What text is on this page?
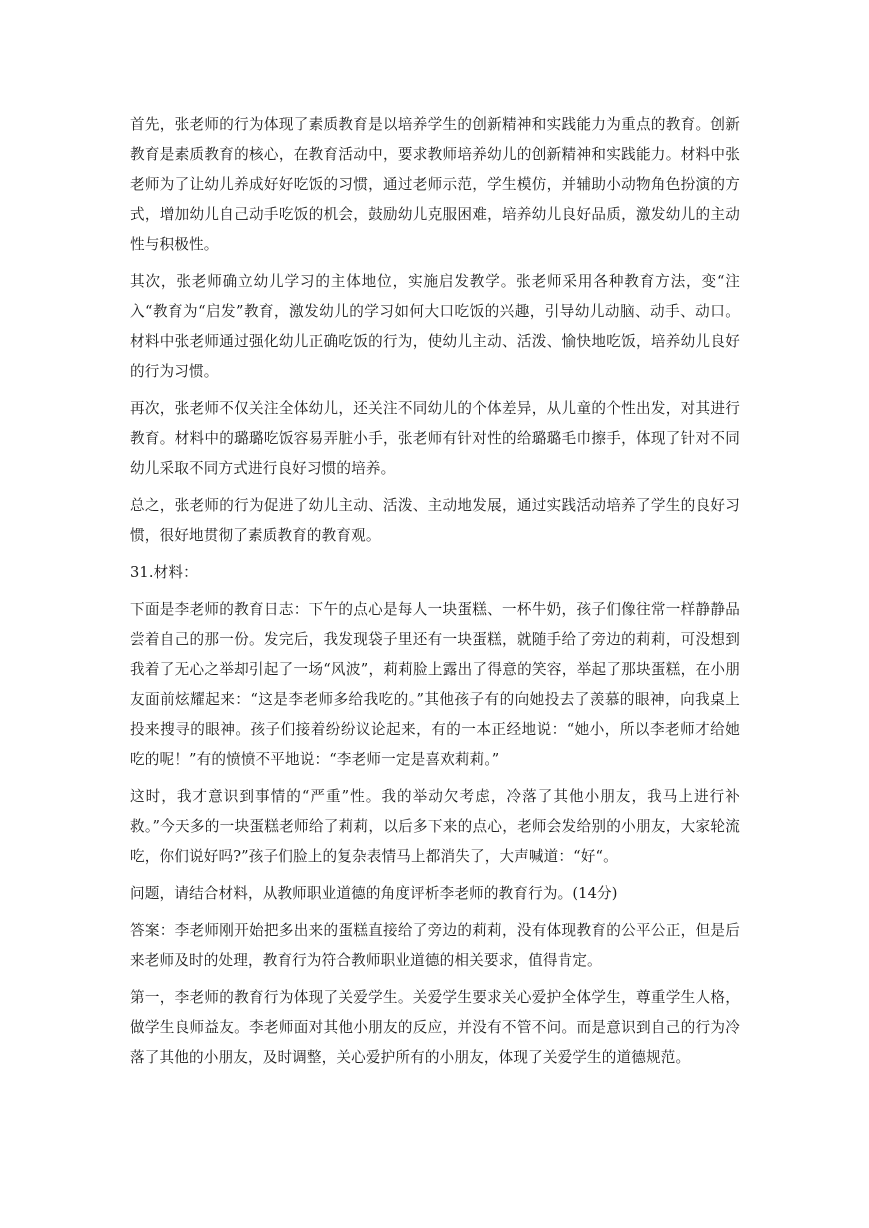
首先，张老师的行为体现了素质教育是以培养学生的创新精神和实践能力为重点的教育。创新教育是素质教育的核心，在教育活动中，要求教师培养幼儿的创新精神和实践能力。材料中张老师为了让幼儿养成好好吃饭的习惯，通过老师示范，学生模仿，并辅助小动物角色扮演的方式，增加幼儿自己动手吃饭的机会，鼓励幼儿克服困难，培养幼儿良好品质，激发幼儿的主动性与积极性。

其次，张老师确立幼儿学习的主体地位，实施启发教学。张老师采用各种教育方法，变“注入“教育为“启发”教育，激发幼儿的学习如何大口吃饭的兴趣，引导幼儿动脑、动手、动口。材料中张老师通过强化幼儿正确吃饭的行为，使幼儿主动、活泼、愉快地吃饭，培养幼儿良好的行为习惯。

再次，张老师不仅关注全体幼儿，还关注不同幼儿的个体差异，从儿童的个性出发，对其进行教育。材料中的璐璐吃饭容易弄脏小手，张老师有针对性的给璐璐毛巾擦手，体现了针对不同幼儿采取不同方式进行良好习惯的培养。

总之，张老师的行为促进了幼儿主动、活泼、主动地发展，通过实践活动培养了学生的良好习惯，很好地贯彻了素质教育的教育观。

31.材料：

下面是李老师的教育日志：下午的点心是每人一块蛋糕、一杯牛奶，孩子们像往常一样静静品尝着自己的那一份。发完后，我发现袋子里还有一块蛋糕，就随手给了旁边的莉莉，可没想到我着了无心之举却引起了一场“风波”，莉莉脸上露出了得意的笑容，举起了那块蛋糕，在小朋友面前炫耀起来：“这是李老师多给我吃的。”其他孩子有的向她投去了羡慕的眼神，向我桌上投来搜寻的眼神。孩子们接着纷纷议论起来，有的一本正经地说：“她小，所以李老师才给她吃的呢！”有的愤愤不平地说：“李老师一定是喜欢莉莉。”

这时，我才意识到事情的“严重”性。我的举动欠考虑，冷落了其他小朋友，我马上进行补救。”今天多的一块蛋糕老师给了莉莉，以后多下来的点心，老师会发给别的小朋友，大家轮流吃，你们说好吗?”孩子们脸上的复杂表情马上都消失了，大声喊道：“好“。

问题，请结合材料，从教师职业道德的角度评析李老师的教育行为。(14分)

答案：李老师刚开始把多出来的蛋糕直接给了旁边的莉莉，没有体现教育的公平公正，但是后来老师及时的处理，教育行为符合教师职业道德的相关要求，值得肯定。

第一，李老师的教育行为体现了关爱学生。关爱学生要求关心爱护全体学生，尊重学生人格，做学生良师益友。李老师面对其他小朋友的反应，并没有不管不问。而是意识到自己的行为冷落了其他的小朋友，及时调整，关心爱护所有的小朋友，体现了关爱学生的道德规范。
